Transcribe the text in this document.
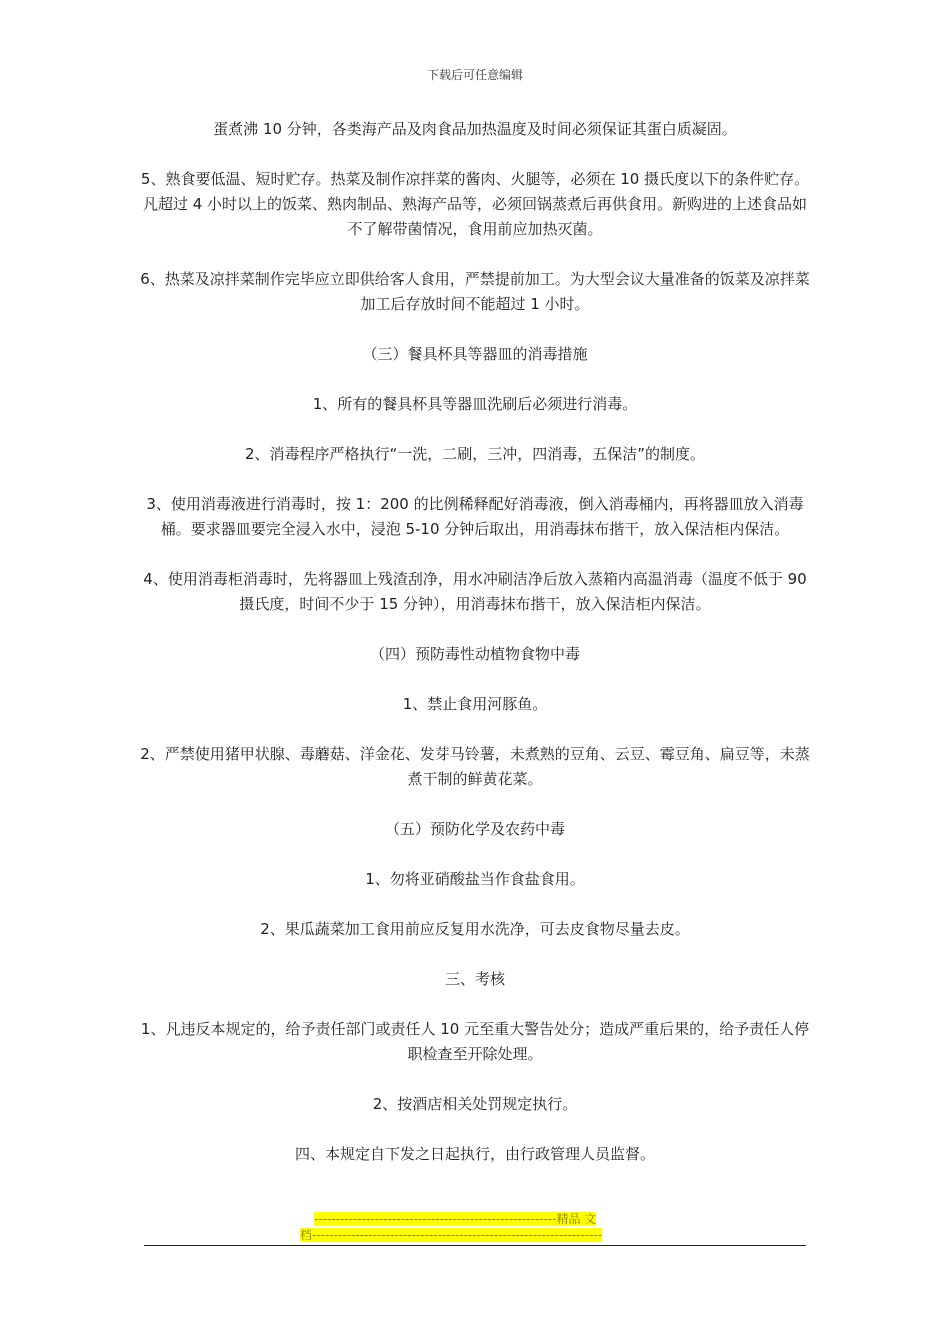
下载后可任意编辑

蛋煮沸 10 分钟，各类海产品及肉食品加热温度及时间必须保证其蛋白质凝固。

5、熟食要低温、短时贮存。热菜及制作凉拌菜的酱肉、火腿等，必须在 10 摄氏度以下的条件贮存。凡超过 4 小时以上的饭菜、熟肉制品、熟海产品等，必须回锅蒸煮后再供食用。新购进的上述食品如不了解带菌情况，食用前应加热灭菌。

6、热菜及凉拌菜制作完毕应立即供给客人食用，严禁提前加工。为大型会议大量准备的饭菜及凉拌菜加工后存放时间不能超过 1 小时。

（三）餐具杯具等器皿的消毒措施

1、所有的餐具杯具等器皿洗刷后必须进行消毒。

2、消毒程序严格执行“一洗，二刷，三冲，四消毒，五保洁”的制度。

3、使用消毒液进行消毒时，按 1：200 的比例稀释配好消毒液，倒入消毒桶内，再将器皿放入消毒桶。要求器皿要完全浸入水中，浸泡 5-10 分钟后取出，用消毒抹布揩干，放入保洁柜内保洁。

4、使用消毒柜消毒时，先将器皿上残渣刮净，用水冲刷洁净后放入蒸箱内高温消毒（温度不低于 90 摄氏度，时间不少于 15 分钟），用消毒抹布揩干，放入保洁柜内保洁。

（四）预防毒性动植物食物中毒

1、禁止食用河豚鱼。

2、严禁使用猪甲状腺、毒蘑菇、洋金花、发芽马铃薯，未煮熟的豆角、云豆、霉豆角、扁豆等，未蒸煮干制的鲜黄花菜。

（五）预防化学及农药中毒

1、勿将亚硝酸盐当作食盐食用。

2、果瓜蔬菜加工食用前应反复用水洗净，可去皮食物尽量去皮。

三、考核

1、凡违反本规定的，给予责任部门或责任人 10 元至重大警告处分；造成严重后果的，给予责任人停职检查至开除处理。

2、按酒店相关处罚规定执行。

四、本规定自下发之日起执行，由行政管理人员监督。

--------------------------------------------------------精品 文
档-------------------------------------------------------------------
